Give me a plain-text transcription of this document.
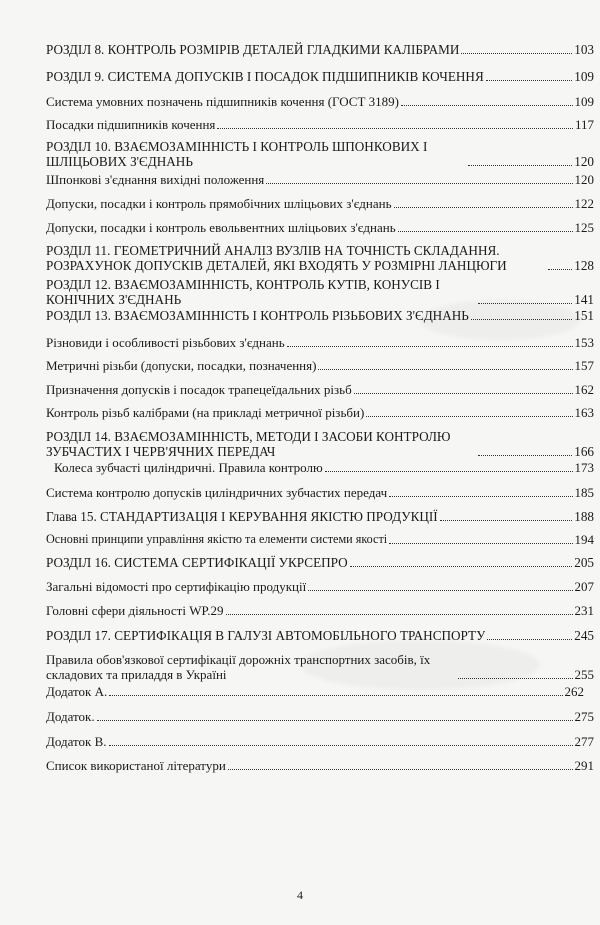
РОЗДІЛ 8. КОНТРОЛЬ РОЗМІРІВ ДЕТАЛЕЙ ГЛАДКИМИ КАЛІБРАМИ	103
РОЗДІЛ 9. СИСТЕМА ДОПУСКІВ І ПОСАДОК ПІДШИПНИКІВ КОЧЕННЯ	109
Система умовних позначень підшипників кочення (ГОСТ 3189)	109
Посадки підшипників кочення	117
РОЗДІЛ 10. ВЗАЄМОЗАМІННІСТЬ І КОНТРОЛЬ ШПОНКОВИХ І ШЛІЦЬОВИХ З'ЄДНАНЬ	120
Шпонкові з'єднання вихідні положення	120
Допуски, посадки і контроль прямобічних шліцьових з'єднань	122
Допуски, посадки і контроль евольвентних шліцьових з'єднань	125
РОЗДІЛ 11. ГЕОМЕТРИЧНИЙ АНАЛІЗ ВУЗЛІВ НА ТОЧНІСТЬ СКЛАДАННЯ. РОЗРАХУНОК ДОПУСКІВ ДЕТАЛЕЙ, ЯКІ ВХОДЯТЬ У РОЗМІРНІ ЛАНЦЮГИ	128
РОЗДІЛ 12. ВЗАЄМОЗАМІННІСТЬ, КОНТРОЛЬ КУТІВ, КОНУСІВ І КОНІЧНИХ З'ЄДНАНЬ	141
РОЗДІЛ 13. ВЗАЄМОЗАМІННІСТЬ І КОНТРОЛЬ РІЗЬБОВИХ З'ЄДНАНЬ	151
Різновиди і особливості різьбових з'єднань	153
Метричні різьби (допуски, посадки, позначення)	157
Призначення допусків і посадок трапецеїдальних різьб	162
Контроль різьб калібрами (на прикладі метричної різьби)	163
РОЗДІЛ 14. ВЗАЄМОЗАМІННІСТЬ, МЕТОДИ І ЗАСОБИ КОНТРОЛЮ ЗУБЧАСТИХ І ЧЕРВ'ЯЧНИХ ПЕРЕДАЧ	166
Колеса зубчасті циліндричні. Правила контролю	173
Система контролю допусків циліндричних зубчастих передач	185
Глава 15. СТАНДАРТИЗАЦІЯ І КЕРУВАННЯ ЯКІСТЮ ПРОДУКЦІЇ	188
Основні принципи управління якістю та елементи системи якості	194
РОЗДІЛ 16. СИСТЕМА СЕРТИФІКАЦІЇ УКРСЕПРО	205
Загальні відомості про сертифікацію продукції	207
Головні сфери діяльності WP.29	231
РОЗДІЛ 17. СЕРТИФІКАЦІЯ В ГАЛУЗІ АВТОМОБІЛЬНОГО ТРАНСПОРТУ	245
Правила обов'язкової сертифікації дорожніх транспортних засобів, їх складових та приладдя в Україні	255
Додаток А.	262
Додаток.	275
Додаток В.	277
Список використаної літератури	291
4
